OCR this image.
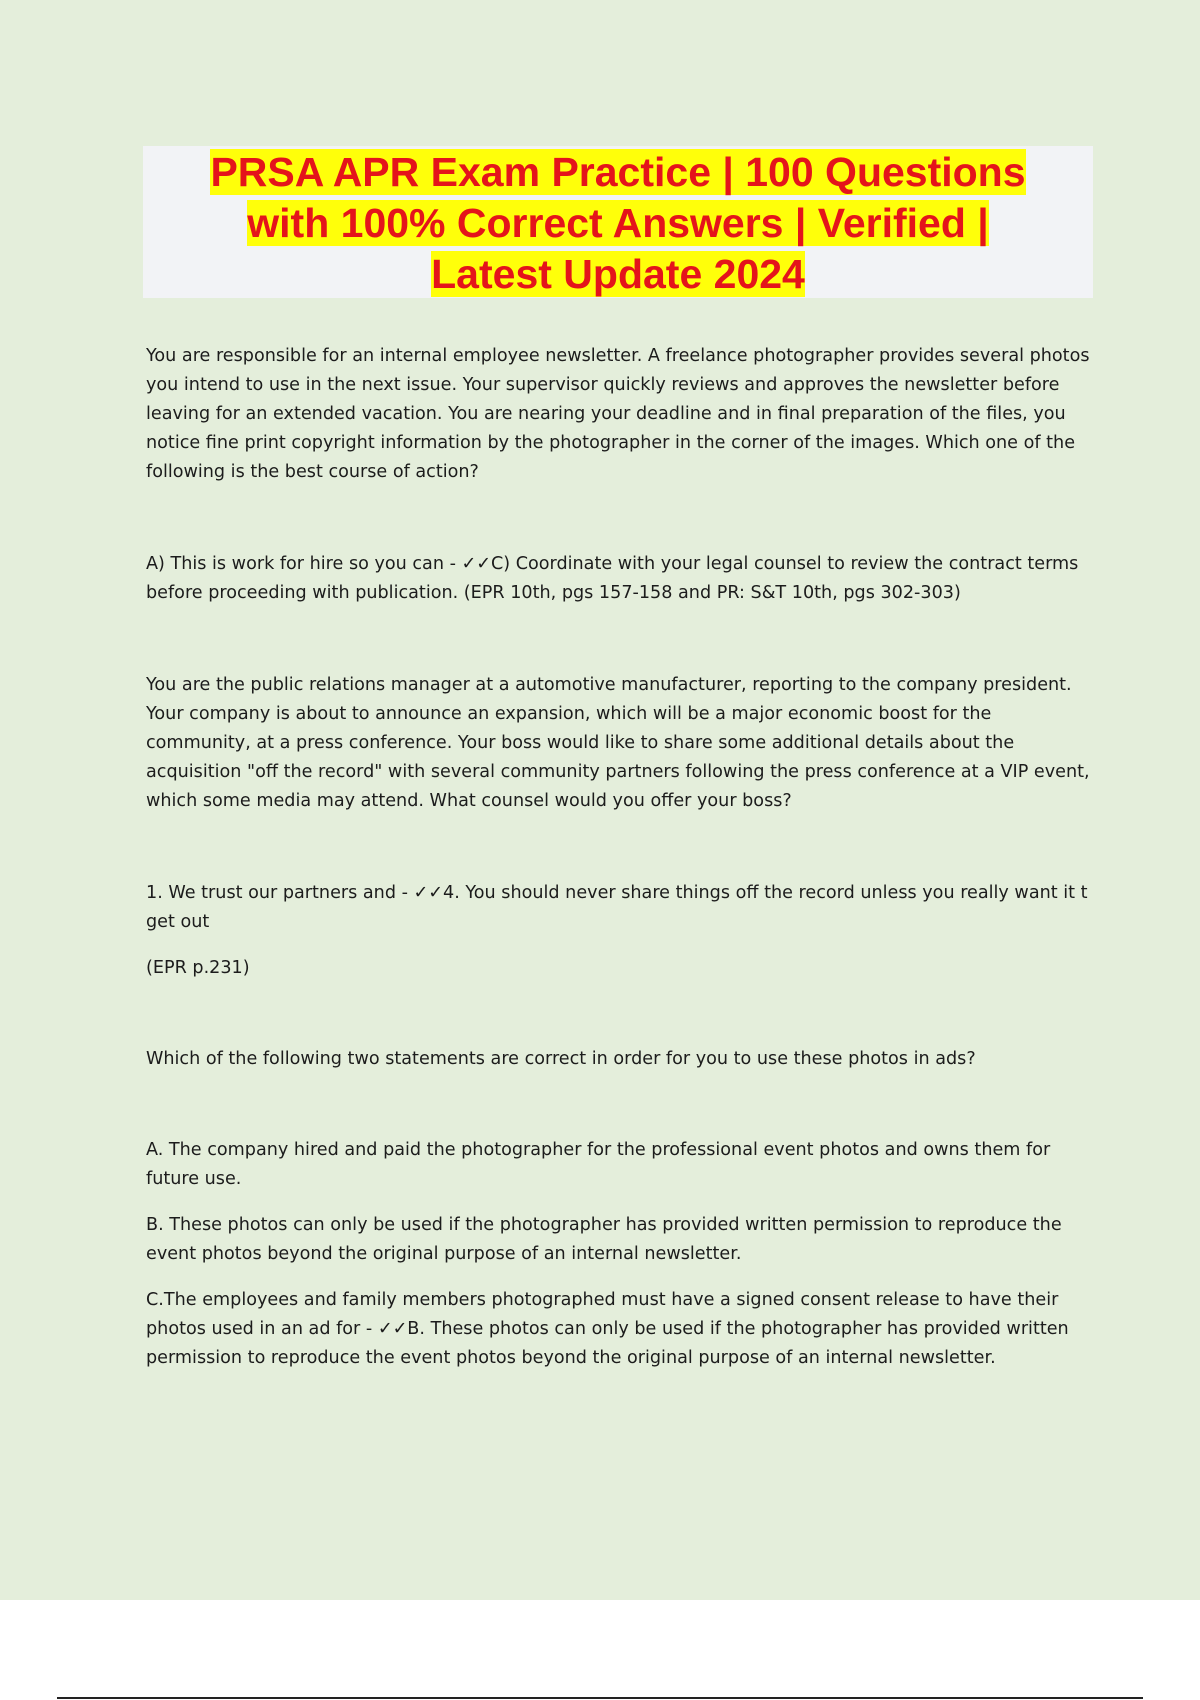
PRSA APR Exam Practice | 100 Questions
with 100% Correct Answers | Verified |
Latest Update 2024

You are responsible for an internal employee newsletter. A freelance photographer provides several photos you intend to use in the next issue. Your supervisor quickly reviews and approves the newsletter before leaving for an extended vacation. You are nearing your deadline and in final preparation of the files, you notice fine print copyright information by the photographer in the corner of the images. Which one of the following is the best course of action?

A) This is work for hire so you can - ✓✓C) Coordinate with your legal counsel to review the contract terms before proceeding with publication. (EPR 10th, pgs 157-158 and PR: S&T 10th, pgs 302-303)

You are the public relations manager at a automotive manufacturer, reporting to the company president. Your company is about to announce an expansion, which will be a major economic boost for the community, at a press conference. Your boss would like to share some additional details about the acquisition "off the record" with several community partners following the press conference at a VIP event, which some media may attend. What counsel would you offer your boss?

1. We trust our partners and - ✓✓4. You should never share things off the record unless you really want it t get out

(EPR p.231)

Which of the following two statements are correct in order for you to use these photos in ads?

A. The company hired and paid the photographer for the professional event photos and owns them for future use.

B. These photos can only be used if the photographer has provided written permission to reproduce the event photos beyond the original purpose of an internal newsletter.

C.The employees and family members photographed must have a signed consent release to have their photos used in an ad for - ✓✓B. These photos can only be used if the photographer has provided written permission to reproduce the event photos beyond the original purpose of an internal newsletter.
